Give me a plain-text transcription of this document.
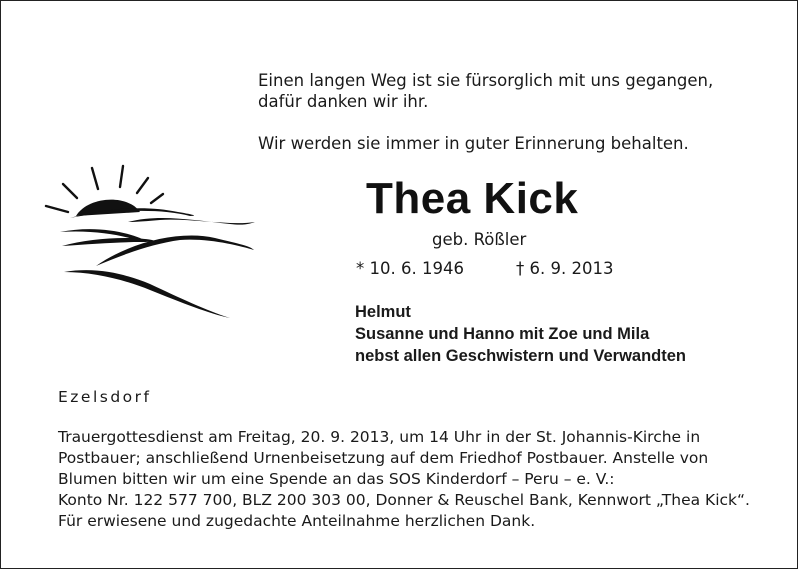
Einen langen Weg ist sie fürsorglich mit uns gegangen,
dafür danken wir ihr.
Wir werden sie immer in guter Erinnerung behalten.
Thea Kick
geb. Rößler
* 10. 6. 1946	† 6. 9. 2013
Helmut
Susanne und Hanno mit Zoe und Mila
nebst allen Geschwistern und Verwandten
Ezelsdorf
Trauergottesdienst am Freitag, 20. 9. 2013, um 14 Uhr in der St. Johannis-Kirche in
Postbauer; anschließend Urnenbeisetzung auf dem Friedhof Postbauer. Anstelle von
Blumen bitten wir um eine Spende an das SOS Kinderdorf – Peru – e. V.:
Konto Nr. 122 577 700, BLZ 200 303 00, Donner & Reuschel Bank, Kennwort „Thea Kick“.
Für erwiesene und zugedachte Anteilnahme herzlichen Dank.
